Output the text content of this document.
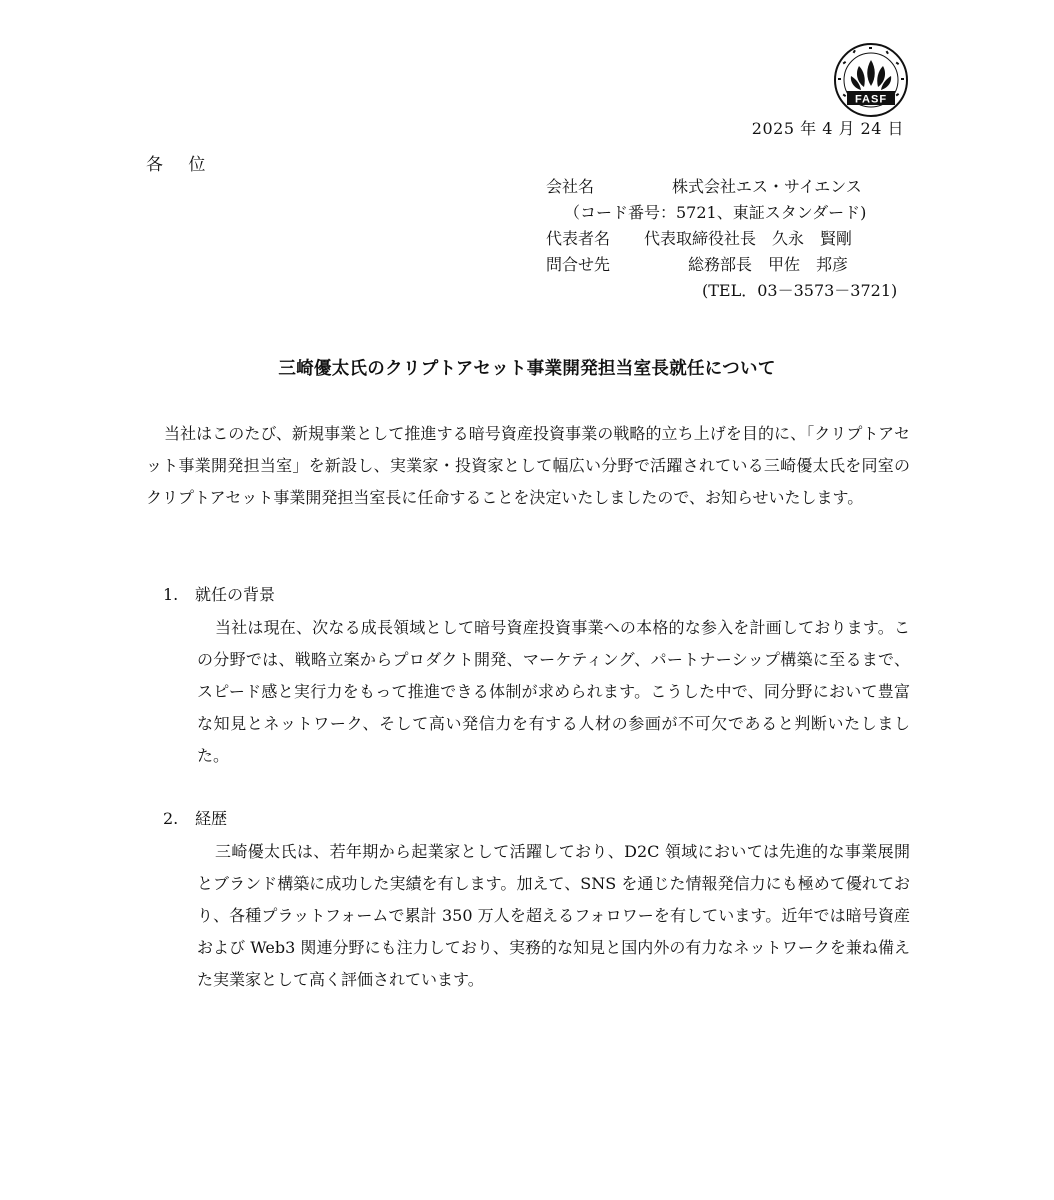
FASF
2025 年 4 月 24 日
各 位
会社名	株式会社エス・サイエンス
（コード番号：5721、東証スタンダード)
代表者名	代表取締役社長　久永　賢剛
問合せ先	総務部長　甲佐　邦彦
(TEL．03－3573－3721)
三崎優太氏のクリプトアセット事業開発担当室長就任について
当社はこのたび、新規事業として推進する暗号資産投資事業の戦略的立ち上げを目的に、「クリプトアセット事業開発担当室」を新設し、実業家・投資家として幅広い分野で活躍されている三崎優太氏を同室のクリプトアセット事業開発担当室長に任命することを決定いたしましたので、お知らせいたします。
1. 就任の背景
当社は現在、次なる成長領域として暗号資産投資事業への本格的な参入を計画しております。この分野では、戦略立案からプロダクト開発、マーケティング、パートナーシップ構築に至るまで、スピード感と実行力をもって推進できる体制が求められます。こうした中で、同分野において豊富な知見とネットワーク、そして高い発信力を有する人材の参画が不可欠であると判断いたしました。
2. 経歴
三崎優太氏は、若年期から起業家として活躍しており、D2C 領域においては先進的な事業展開とブランド構築に成功した実績を有します。加えて、SNS を通じた情報発信力にも極めて優れており、各種プラットフォームで累計 350 万人を超えるフォロワーを有しています。近年では暗号資産および Web3 関連分野にも注力しており、実務的な知見と国内外の有力なネットワークを兼ね備えた実業家として高く評価されています。
